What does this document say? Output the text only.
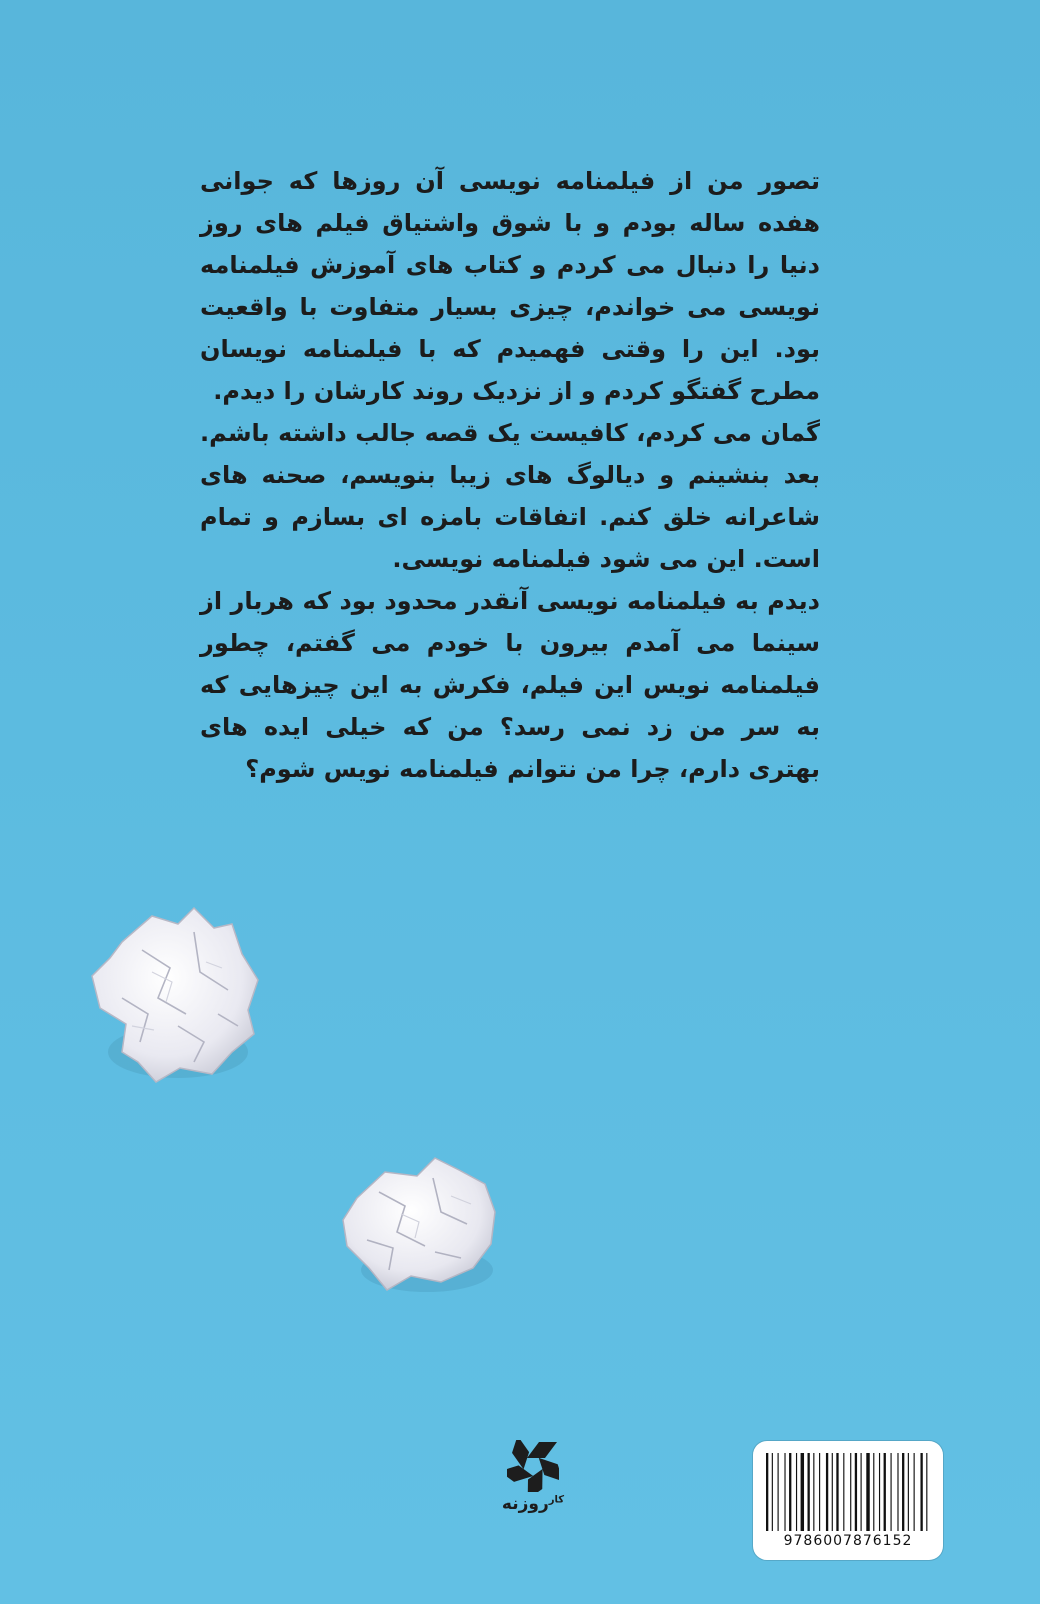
تصور من از فیلمنامه نویسی آن روزها که جوانی هفده ساله بودم و با شوق واشتیاق فیلم های روز دنیا را دنبال می کردم و کتاب های آموزش فیلمنامه نویسی می خواندم، چیزی بسیار متفاوت با واقعیت بود. این را وقتی فهمیدم که با فیلمنامه نویسان مطرح گفتگو کردم و از نزدیک روند کارشان را دیدم.

گمان می کردم، کافیست یک قصه جالب داشته باشم. بعد بنشینم و دیالوگ های زیبا بنویسم، صحنه های شاعرانه خلق کنم. اتفاقات بامزه ای بسازم و تمام است. این می شود فیلمنامه نویسی.

دیدم به فیلمنامه نویسی آنقدر محدود بود که هربار از سینما می آمدم بیرون با خودم می گفتم، چطور فیلمنامه نویس این فیلم، فکرش به این چیزهایی که به سر من زد نمی رسد؟ من که خیلی ایده های بهتری دارم، چرا من نتوانم فیلمنامه نویس شوم؟

$^{کار}$روزنه
9786007876152
